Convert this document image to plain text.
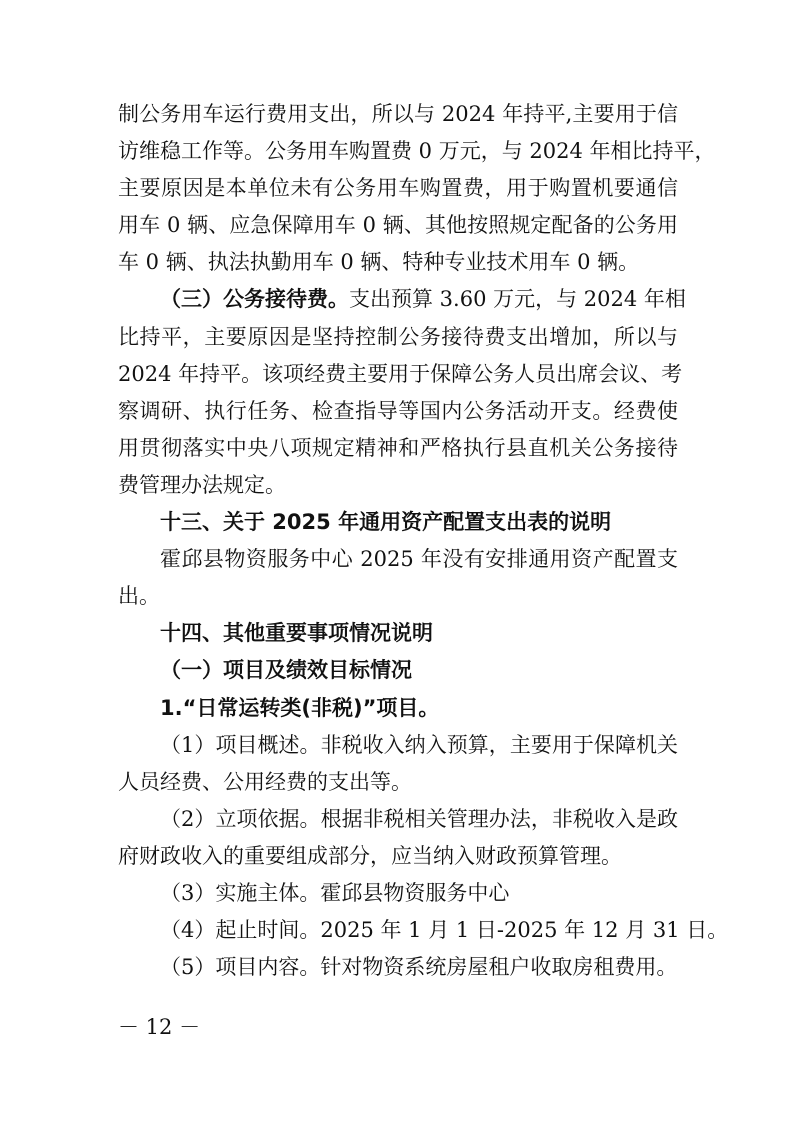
制公务用车运行费用支出，所以与 2024 年持平,主要用于信
访维稳工作等。公务用车购置费 0 万元，与 2024 年相比持平，
主要原因是本单位未有公务用车购置费，用于购置机要通信
用车 0 辆、应急保障用车 0 辆、其他按照规定配备的公务用
车 0 辆、执法执勤用车 0 辆、特种专业技术用车 0 辆。
（三）公务接待费。支出预算 3.60 万元，与 2024 年相
比持平，主要原因是坚持控制公务接待费支出增加，所以与
2024 年持平。该项经费主要用于保障公务人员出席会议、考
察调研、执行任务、检查指导等国内公务活动开支。经费使
用贯彻落实中央八项规定精神和严格执行县直机关公务接待
费管理办法规定。
十三、关于 2025 年通用资产配置支出表的说明
霍邱县物资服务中心 2025 年没有安排通用资产配置支
出。
十四、其他重要事项情况说明
（一）项目及绩效目标情况
1.“日常运转类(非税)”项目。
（1）项目概述。非税收入纳入预算，主要用于保障机关
人员经费、公用经费的支出等。
（2）立项依据。根据非税相关管理办法，非税收入是政
府财政收入的重要组成部分，应当纳入财政预算管理。
（3）实施主体。霍邱县物资服务中心
（4）起止时间。2025 年 1 月 1 日-2025 年 12 月 31 日。
（5）项目内容。针对物资系统房屋租户收取房租费用。
－ 12 －
